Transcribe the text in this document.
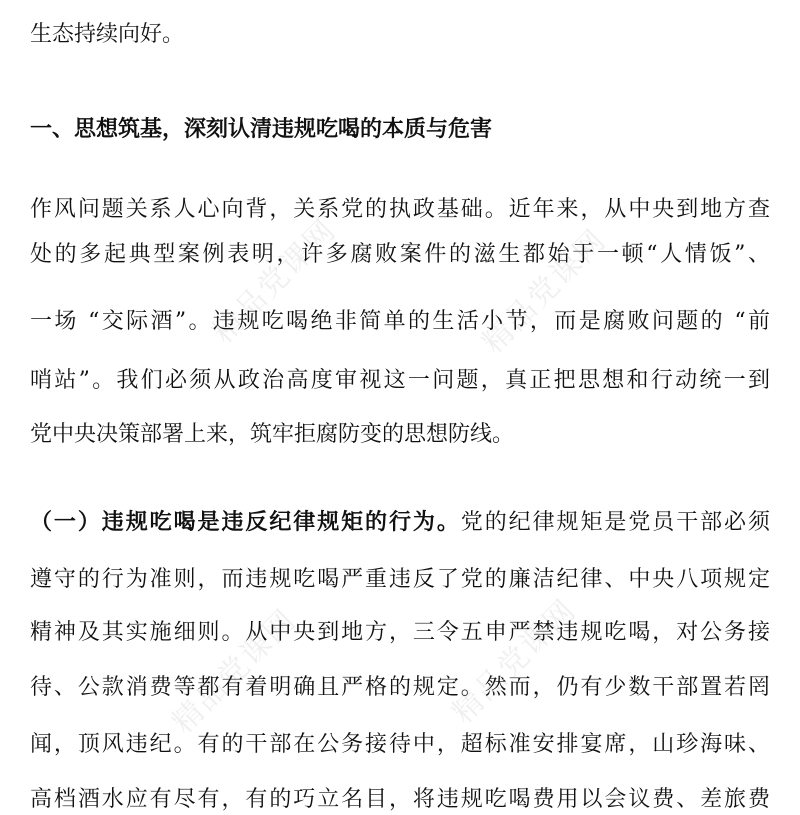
生态持续向好。
一、思想筑基，深刻认清违规吃喝的本质与危害
作风问题关系人心向背，关系党的执政基础。近年来，从中央到地方查
处的多起典型案例表明，许多腐败案件的滋生都始于一顿“人情饭”、
一场 “交际酒”。违规吃喝绝非简单的生活小节，而是腐败问题的 “前
哨站”。我们必须从政治高度审视这一问题，真正把思想和行动统一到
党中央决策部署上来，筑牢拒腐防变的思想防线。
（一）违规吃喝是违反纪律规矩的行为。党的纪律规矩是党员干部必须
遵守的行为准则，而违规吃喝严重违反了党的廉洁纪律、中央八项规定
精神及其实施细则。从中央到地方，三令五申严禁违规吃喝，对公务接
待、公款消费等都有着明确且严格的规定。然而，仍有少数干部置若罔
闻，顶风违纪。有的干部在公务接待中，超标准安排宴席，山珍海味、
高档酒水应有尽有，有的巧立名目，将违规吃喝费用以会议费、差旅费
精品党课网	精品党课网
精品党课网
精品党课网
